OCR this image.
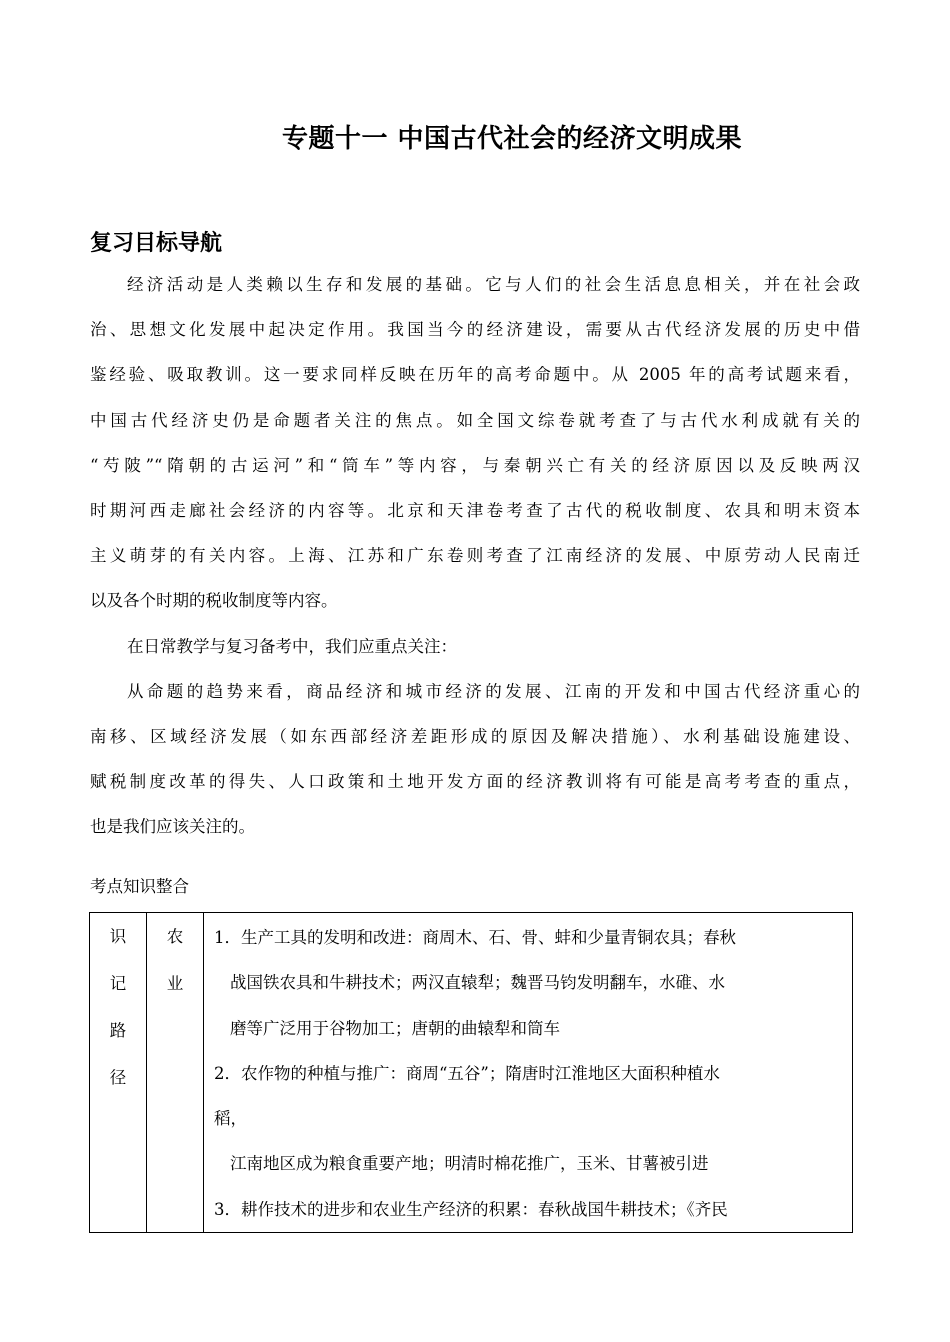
专题十一 中国古代社会的经济文明成果
复习目标导航

经济活动是人类赖以生存和发展的基础。它与人们的社会生活息息相关，并在社会政
治、思想文化发展中起决定作用。我国当今的经济建设，需要从古代经济发展的历史中借
鉴经验、吸取教训。这一要求同样反映在历年的高考命题中。从 2005 年的高考试题来看，
中国古代经济史仍是命题者关注的焦点。如全国文综卷就考查了与古代水利成就有关的
“芍陂”“隋朝的古运河”和“筒车”等内容，与秦朝兴亡有关的经济原因以及反映两汉
时期河西走廊社会经济的内容等。北京和天津卷考查了古代的税收制度、农具和明末资本
主义萌芽的有关内容。上海、江苏和广东卷则考查了江南经济的发展、中原劳动人民南迁
以及各个时期的税收制度等内容。

在日常教学与复习备考中，我们应重点关注：

从命题的趋势来看，商品经济和城市经济的发展、江南的开发和中国古代经济重心的
南移、区域经济发展（如东西部经济差距形成的原因及解决措施）、水利基础设施建设、
赋税制度改革的得失、人口政策和土地开发方面的经济教训将有可能是高考考查的重点，
也是我们应该关注的。

考点知识整合
识
记
路
径

农
业

1．生产工具的发明和改进：商周木、石、骨、蚌和少量青铜农具；春秋
战国铁农具和牛耕技术；两汉直辕犁；魏晋马钧发明翻车，水碓、水
磨等广泛用于谷物加工；唐朝的曲辕犁和筒车
2．农作物的种植与推广：商周“五谷”；隋唐时江淮地区大面积种植水
稻，
江南地区成为粮食重要产地；明清时棉花推广，玉米、甘薯被引进
3．耕作技术的进步和农业生产经济的积累：春秋战国牛耕技术；《齐民
